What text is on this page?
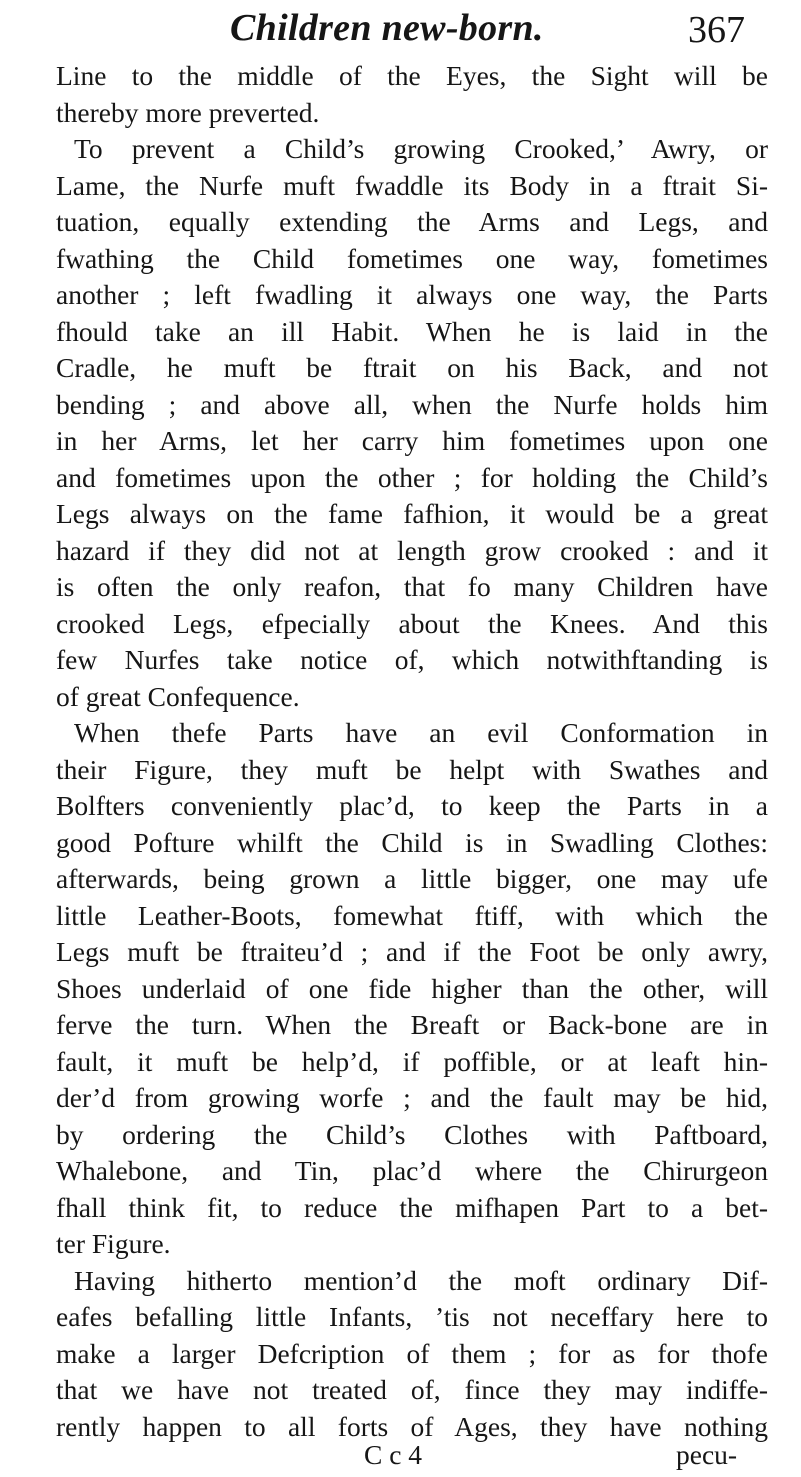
Children new-born.	367
Line to the middle of the Eyes, the Sight will be
thereby more preverted.
To prevent a Child’s growing Crooked,’ Awry, or
Lame, the Nurfe muft fwaddle its Body in a ftrait Si-
tuation, equally extending the Arms and Legs, and
fwathing the Child fometimes one way, fometimes
another ; left fwadling it always one way, the Parts
fhould take an ill Habit. When he is laid in the
Cradle, he muft be ftrait on his Back, and not
bending ; and above all, when the Nurfe holds him
in her Arms, let her carry him fometimes upon one
and fometimes upon the other ; for holding the Child’s
Legs always on the fame fafhion, it would be a great
hazard if they did not at length grow crooked : and it
is often the only reafon, that fo many Children have
crooked Legs, efpecially about the Knees. And this
few Nurfes take notice of, which notwithftanding is
of great Confequence.
When thefe Parts have an evil Conformation in
their Figure, they muft be helpt with Swathes and
Bolfters conveniently plac’d, to keep the Parts in a
good Pofture whilft the Child is in Swadling Clothes:
afterwards, being grown a little bigger, one may ufe
little Leather-Boots, fomewhat ftiff, with which the
Legs muft be ftraiteu’d ; and if the Foot be only awry,
Shoes underlaid of one fide higher than the other, will
ferve the turn. When the Breaft or Back-bone are in
fault, it muft be help’d, if poffible, or at leaft hin-
der’d from growing worfe ; and the fault may be hid,
by ordering the Child’s Clothes with Paftboard,
Whalebone, and Tin, plac’d where the Chirurgeon
fhall think fit, to reduce the mifhapen Part to a bet-
ter Figure.
Having hitherto mention’d the moft ordinary Dif-
eafes befalling little Infants, ’tis not neceffary here to
make a larger Defcription of them ; for as for thofe
that we have not treated of, fince they may indiffe-
rently happen to all forts of Ages, they have nothing
C c 4	pecu-
